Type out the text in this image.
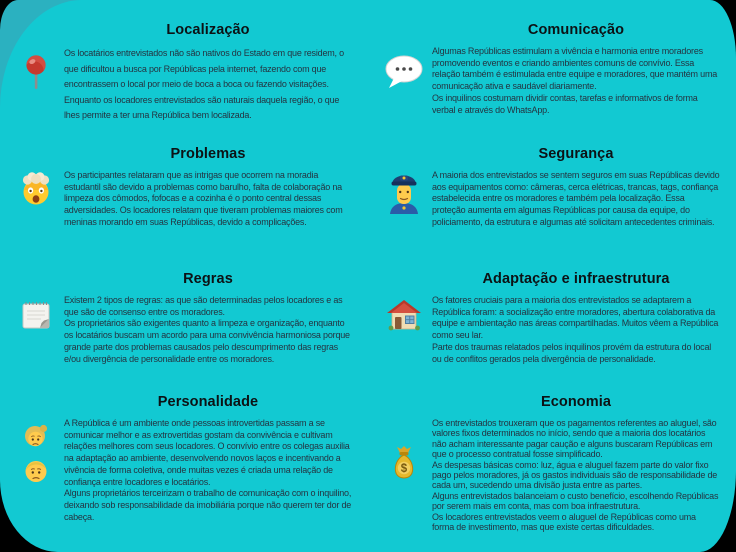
Localização

Os locatários entrevistados não são nativos do Estado em que residem, o que dificultou a busca por Repúblicas pela internet, fazendo com que encontrassem o local por meio de boca a boca ou fazendo visitações. Enquanto os locadores entrevistados são naturais daquela região, o que lhes permite a ter uma República bem localizada.

Comunicação

Algumas Repúblicas estimulam a vivência e harmonia entre moradores promovendo eventos e criando ambientes comuns de convívio. Essa relação também é estimulada entre equipe e moradores, que mantém uma comunicação ativa e saudável diariamente.

Os inquilinos costumam dividir contas, tarefas e informativos de forma verbal e através do WhatsApp.

Problemas

Os participantes relataram que as intrigas que ocorrem na moradia estudantil são devido a problemas como barulho, falta de colaboração na limpeza dos cômodos, fofocas e a cozinha é o ponto central dessas adversidades. Os locadores relatam que tiveram problemas maiores com meninas morando em suas Repúblicas, devido a complicações.

Segurança

A maioria dos entrevistados se sentem seguros em suas Repúblicas devido aos equipamentos como: câmeras, cerca elétricas, trancas, tags, confiança estabelecida entre os moradores e também pela localização. Essa proteção aumenta em algumas Repúblicas por causa da equipe, do policiamento, da estrutura e algumas até solicitam antecedentes criminais.

Regras

Existem 2 tipos de regras: as que são determinadas pelos locadores e as que são de consenso entre os moradores.

Os proprietários são exigentes quanto a limpeza e organização, enquanto os locatários buscam um acordo para uma convivência harmoniosa porque grande parte dos problemas causados pelo descumprimento das regras e/ou divergência de personalidade entre os moradores.

Adaptação e infraestrutura

Os fatores cruciais para a maioria dos entrevistados se adaptarem a República foram: a socialização entre moradores, abertura colaborativa da equipe e ambientação nas áreas compartilhadas. Muitos vêem a República como seu lar.

Parte dos traumas relatados pelos inquilinos provém da estrutura do local ou de conflitos gerados pela divergência de personalidade.

Personalidade

A República é um ambiente onde pessoas introvertidas passam a se comunicar melhor e as extrovertidas gostam da convivência e cultivam relações melhores com seus locadores. O convívio entre os colegas auxilia na adaptação ao ambiente, desenvolvendo novos laços e incentivando a vivência de forma coletiva, onde muitas vezes é criada uma relação de confiança entre locadores e locatários.

Alguns proprietários terceirizam o trabalho de comunicação com o inquilino, deixando sob responsabilidade da imobiliária porque não querem ter dor de cabeça.

$
Economia

Os entrevistados trouxeram que os pagamentos referentes ao aluguel, são valores fixos determinados no início, sendo que a maioria dos locatários não acham interessante pagar caução e alguns buscaram Repúblicas em que o processo contratual fosse simplificado.

As despesas básicas como: luz, água e aluguel fazem parte do valor fixo pago pelos moradores, já os gastos individuais são de responsabilidade de cada um, sucedendo uma divisão justa entre as partes.

Alguns entrevistados balanceiam o custo benefício, escolhendo Repúblicas por serem mais em conta, mas com boa infraestrutura.

Os locadores entrevistados veem o aluguel de Repúblicas como uma forma de investimento, mas que existe certas dificuldades.
